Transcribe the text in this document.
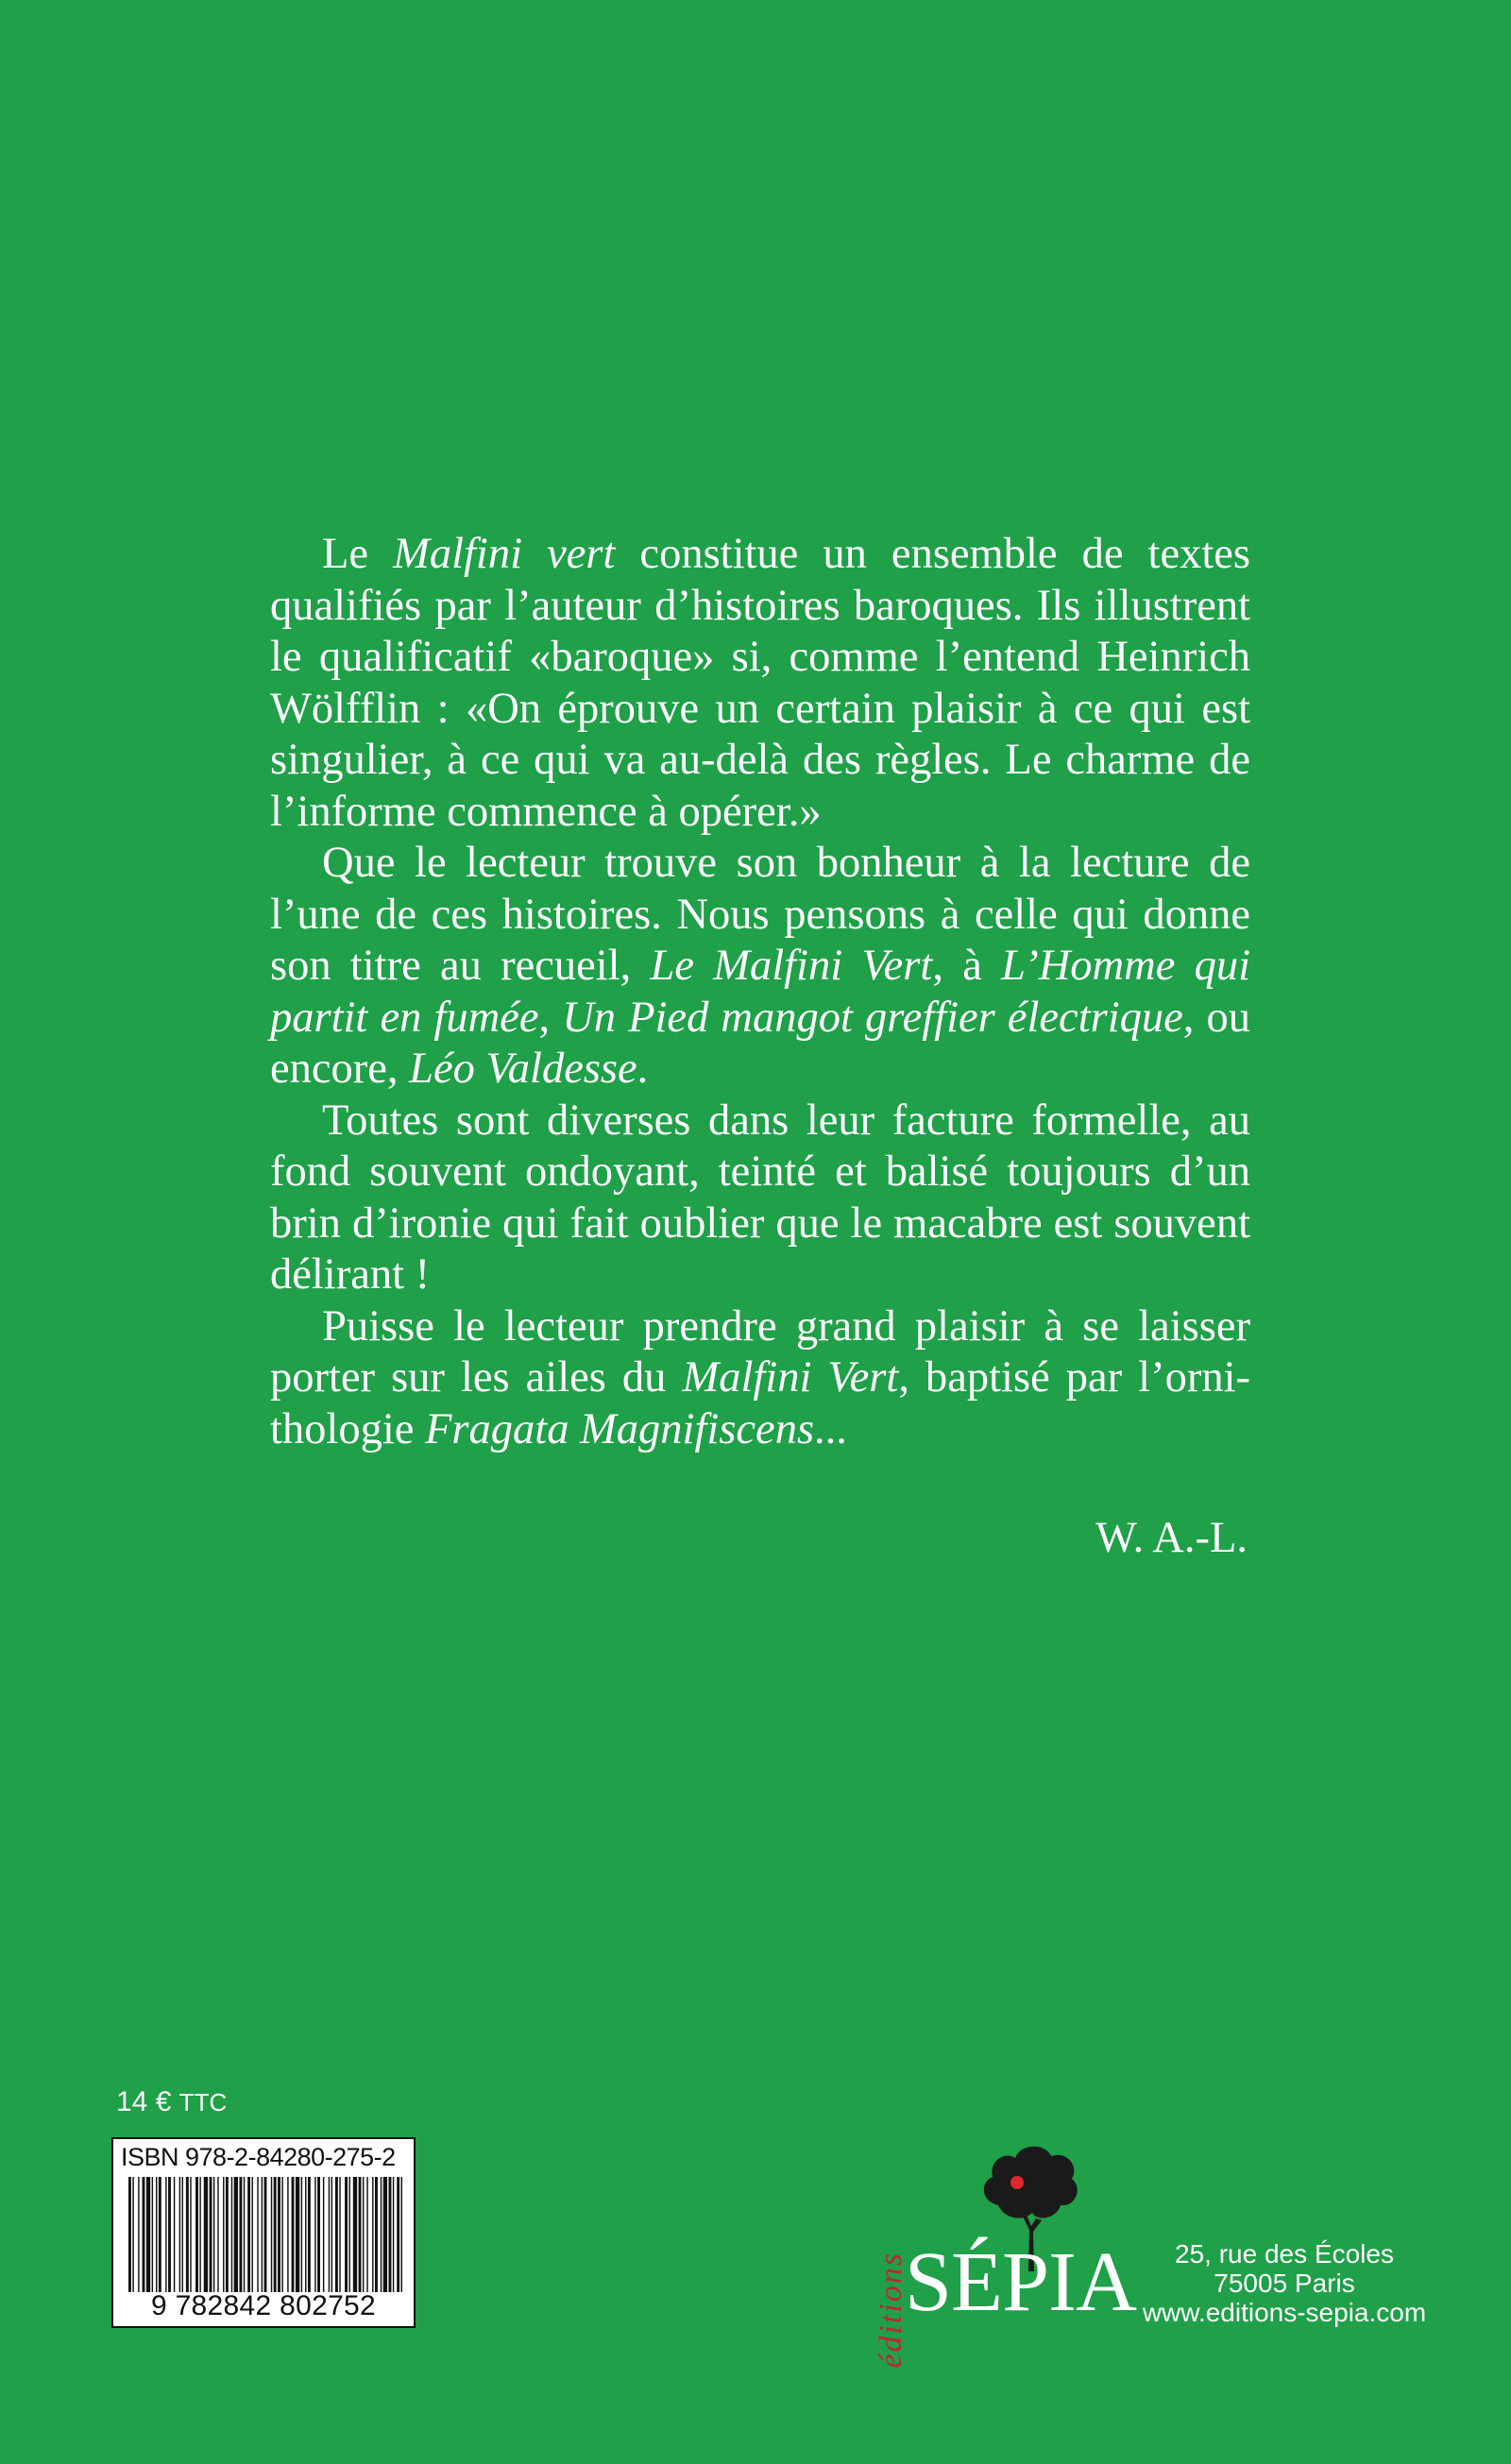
Le Malfini vert constitue un ensemble de textes qualifiés par l’auteur d’histoires baroques. Ils illustrent le qualificatif «baroque» si, comme l’entend Heinrich Wölfflin : «On éprouve un certain plaisir à ce qui est singulier, à ce qui va au-delà des règles. Le charme de l’informe commence à opérer.»

Que le lecteur trouve son bonheur à la lecture de l’une de ces histoires. Nous pensons à celle qui donne son titre au recueil, Le Malfini Vert, à L’Homme qui partit en fumée, Un Pied mangot greffier électrique, ou encore, Léo Valdesse.

Toutes sont diverses dans leur facture formelle, au fond souvent ondoyant, teinté et balisé toujours d’un brin d’ironie qui fait oublier que le macabre est souvent délirant !

Puisse le lecteur prendre grand plaisir à se laisser porter sur les ailes du Malfini Vert, baptisé par l’ornithologie Fragata Magnifiscens...

W. A.-L.
14 € TTC
ISBN 978-2-84280-275-2
9 782842 802752	éditions
SÉPIA	25, rue des Écoles
75005 Paris
www.editions-sepia.com
